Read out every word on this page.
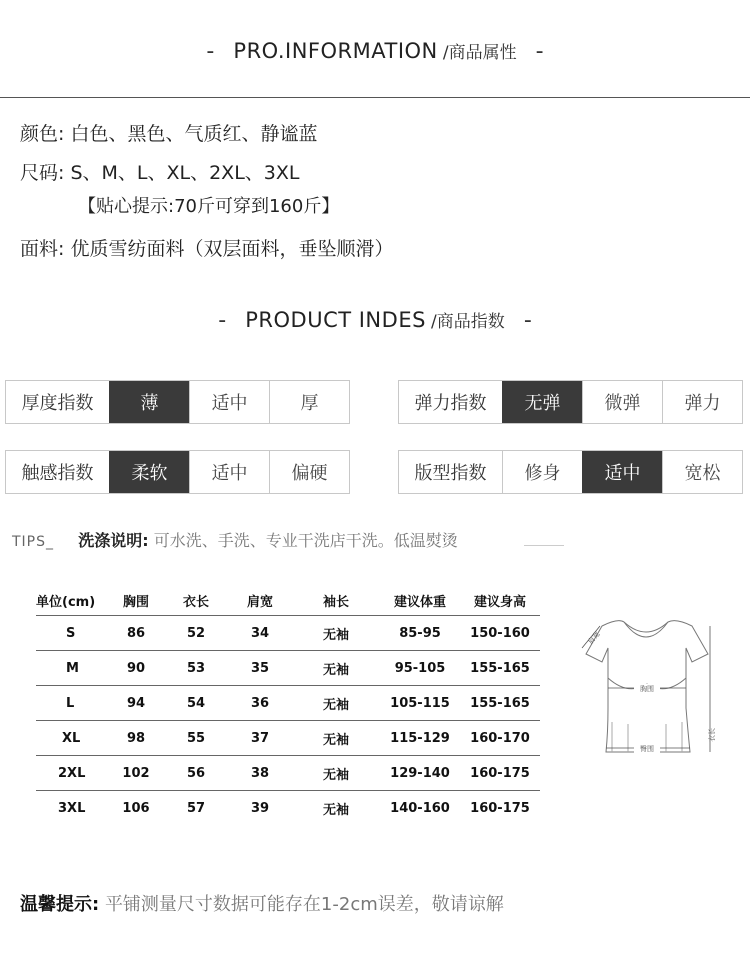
- PRO.INFORMATION /商品属性 -
颜色: 白色、黑色、气质红、静谧蓝
尺码: S、M、L、XL、2XL、3XL
【贴心提示:70斤可穿到160斤】
面料: 优质雪纺面料（双层面料，垂坠顺滑）
- PRODUCT INDES /商品指数 -
厚度指数	薄	适中	厚	弹力指数	无弹	微弹	弹力
触感指数	柔软	适中	偏硬	版型指数	修身	适中	宽松
TIPS_ 洗涤说明: 可水洗、手洗、专业干洗店干洗。低温熨烫
单位(cm)	胸围	衣长	肩宽	袖长	建议体重	建议身高
S	86	52	34	无袖	85-95	150-160
M	90	53	35	无袖	95-105	155-165
L	94	54	36	无袖	105-115	155-165
XL	98	55	37	无袖	115-129	160-170
2XL	102	56	38	无袖	129-140	160-175
3XL	106	57	39	无袖	140-160	160-175
胸围
臀围
肩宽
衣长
温馨提示: 平铺测量尺寸数据可能存在1-2cm误差，敬请谅解
